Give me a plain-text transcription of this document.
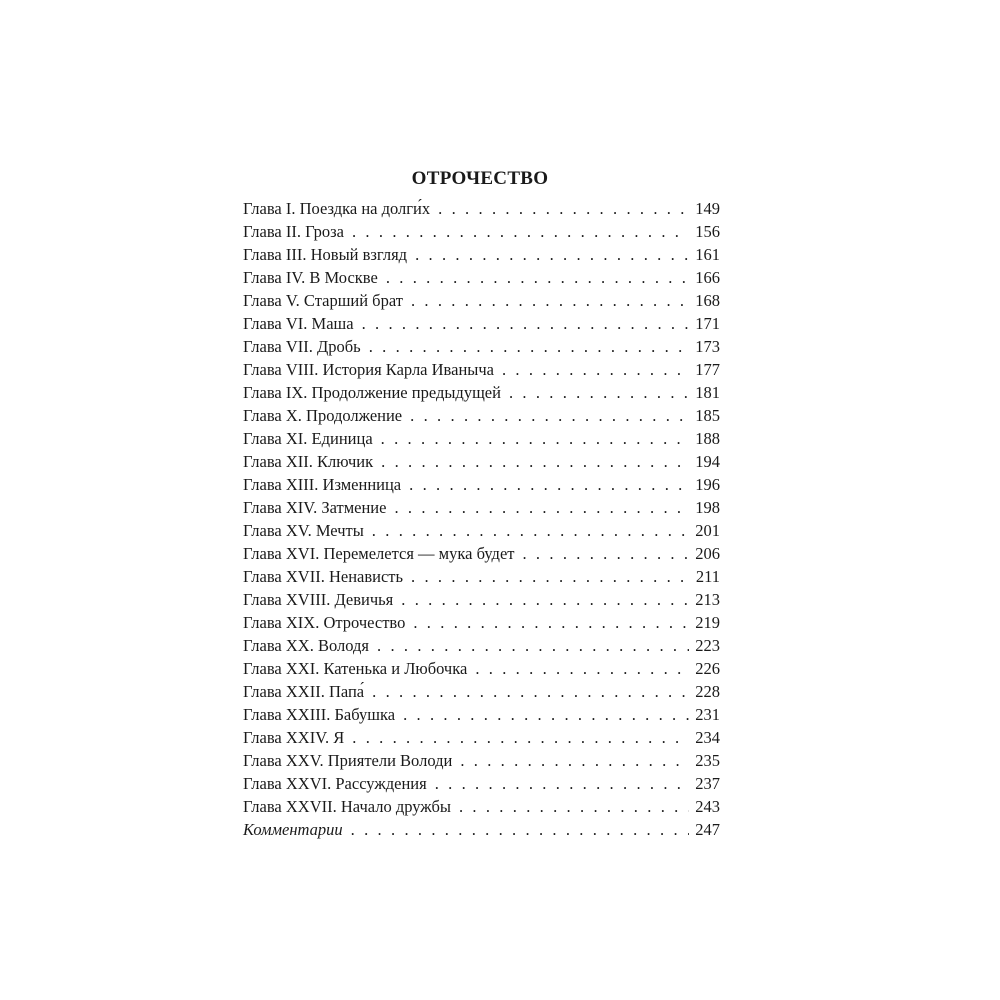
ОТРОЧЕСТВО
Глава I. Поездка на долги́х . . .	149
Глава II. Гроза . . .	156
Глава III. Новый взгляд . . .	161
Глава IV. В Москве . . .	166
Глава V. Старший брат . . .	168
Глава VI. Маша . . .	171
Глава VII. Дробь . . .	173
Глава VIII. История Карла Иваныча . . .	177
Глава IX. Продолжение предыдущей . . .	181
Глава X. Продолжение . . .	185
Глава XI. Единица . . .	188
Глава XII. Ключик . . .	194
Глава XIII. Изменница . . .	196
Глава XIV. Затмение . . .	198
Глава XV. Мечты . . .	201
Глава XVI. Перемелется — мука будет . . .	206
Глава XVII. Ненависть . . .	211
Глава XVIII. Девичья . . .	213
Глава XIX. Отрочество . . .	219
Глава XX. Володя . . .	223
Глава XXI. Катенька и Любочка . . .	226
Глава XXII. Папа́ . . .	228
Глава XXIII. Бабушка . . .	231
Глава XXIV. Я . . .	234
Глава XXV. Приятели Володи . . .	235
Глава XXVI. Рассуждения . . .	237
Глава XXVII. Начало дружбы . . .	243
Комментарии . . .	247
